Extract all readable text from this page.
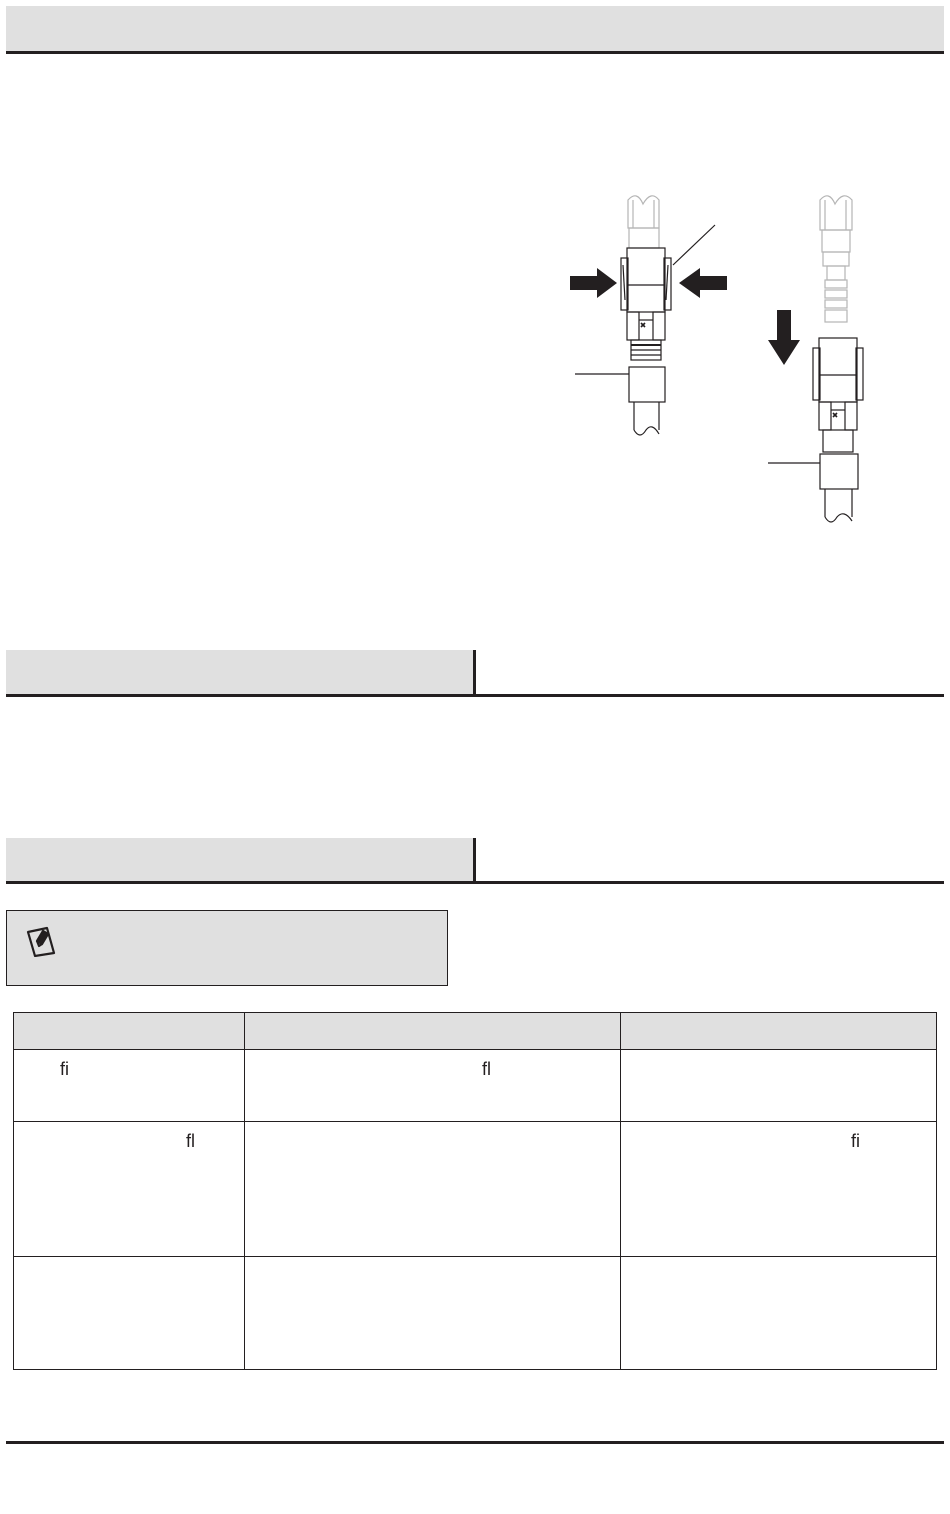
fi	fl	

fl		fi
